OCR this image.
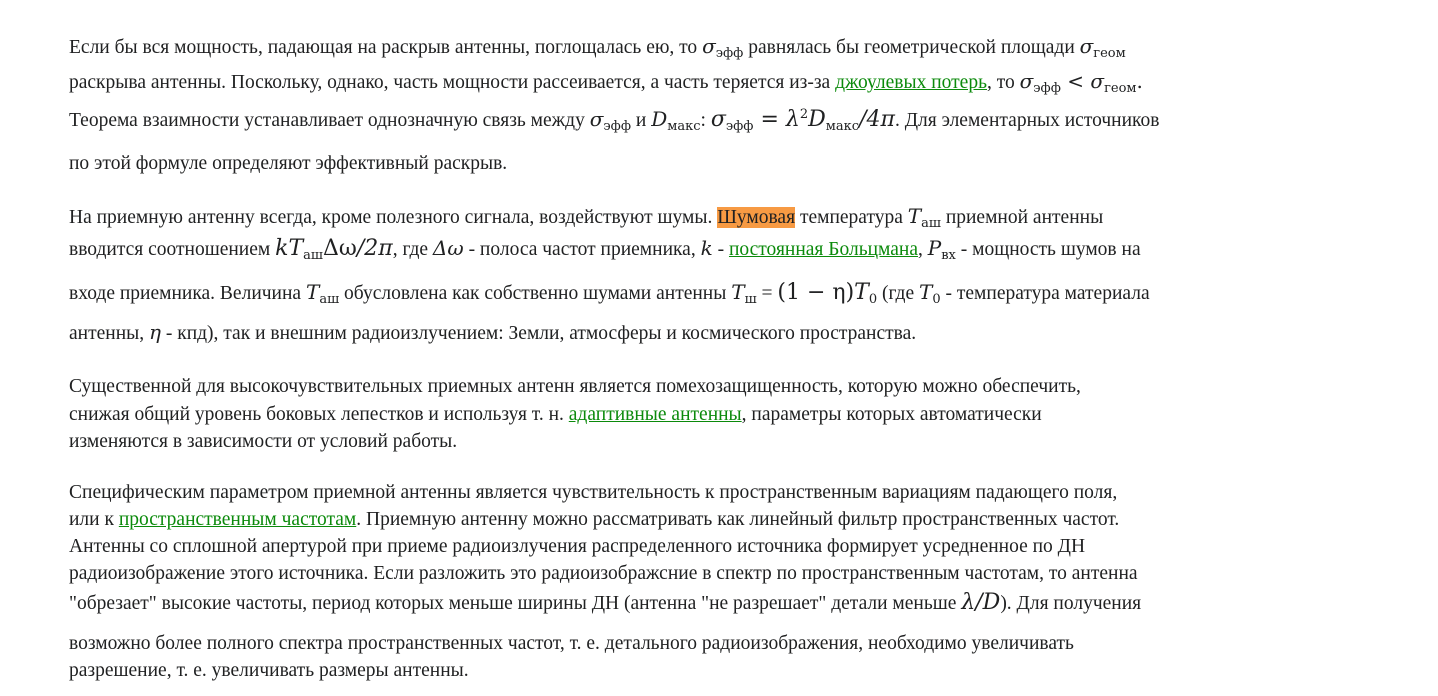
Если бы вся мощность, падающая на раскрыв антенны, поглощалась ею, то $\sigma_{эфф}$ равнялась бы геометрической площади $\sigma_{геом}$
раскрыва антенны. Поскольку, однако, часть мощности рассеивается, а часть теряется из-за джоулевых потерь, то $\sigma_{эфф} < \sigma_{геом}$.
Теорема взаимности устанавливает однозначную связь между $\sigma_{эфф}$ и $D_{макс}$: $\sigma_{эфф} = \lambda^2D_{макс}/4\pi$. Для элементарных источников
по этой формуле определяют эффективный раскрыв.
На приемную антенну всегда, кроме полезного сигнала, воздействуют шумы. Шумовая температура $T_{аш}$ приемной антенны
вводится соотношением $kT_{аш}\Delta\omega/2\pi$, где Δω - полоса частот приемника, k - постоянная Больцмана, $P_{вх}$ - мощность шумов на
входе приемника. Величина $T_{аш}$ обусловлена как собственно шумами антенны $T_ш = (1 - \eta)T_0$ (где $T_0$ - температура материала
антенны, η - кпд), так и внешним радиоизлучением: Земли, атмосферы и космического пространства.
Существенной для высокочувствительных приемных антенн является помехозащищенность, которую можно обеспечить,
снижая общий уровень боковых лепестков и используя т. н. адаптивные антенны, параметры которых автоматически
изменяются в зависимости от условий работы.
Специфическим параметром приемной антенны является чувствительность к пространственным вариациям падающего поля,
или к пространственным частотам. Приемную антенну можно рассматривать как линейный фильтр пространственных частот.
Антенны со сплошной апертурой при приеме радиоизлучения распределенного источника формирует усредненное по ДН
радиоизображение этого источника. Если разложить это радиоизображсние в спектр по пространственным частотам, то антенна
"обрезает" высокие частоты, период которых меньше ширины ДН (антенна "не разрешает" детали меньше λ/D). Для получения
возможно более полного спектра пространственных частот, т. е. детального радиоизображения, необходимо увеличивать
разрешение, т. е. увеличивать размеры антенны.
